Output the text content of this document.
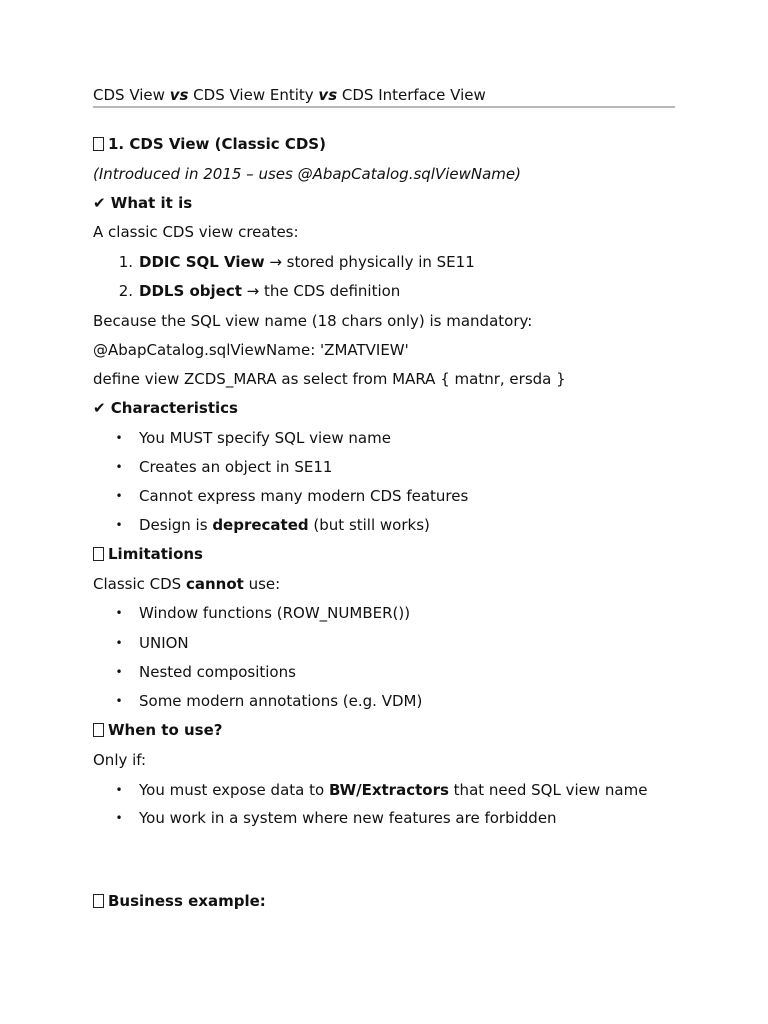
CDS View vs CDS View Entity vs CDS Interface View
1. CDS View (Classic CDS)
(Introduced in 2015 – uses @AbapCatalog.sqlViewName)
✔ What it is
A classic CDS view creates:
1. DDIC SQL View → stored physically in SE11
2. DDLS object → the CDS definition
Because the SQL view name (18 chars only) is mandatory:
@AbapCatalog.sqlViewName: 'ZMATVIEW'
define view ZCDS_MARA as select from MARA { matnr, ersda }
✔ Characteristics
• You MUST specify SQL view name
• Creates an object in SE11
• Cannot express many modern CDS features
• Design is deprecated (but still works)
Limitations
Classic CDS cannot use:
• Window functions (ROW_NUMBER())
• UNION
• Nested compositions
• Some modern annotations (e.g. VDM)
When to use?
Only if:
• You must expose data to BW/Extractors that need SQL view name
• You work in a system where new features are forbidden
Business example:
